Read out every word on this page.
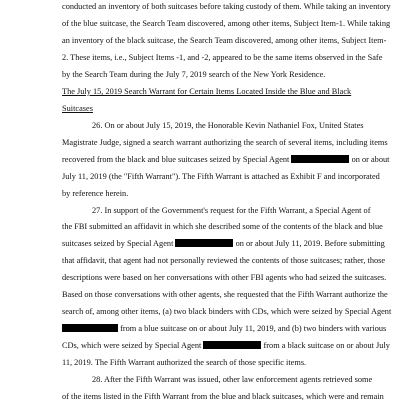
conducted an inventory of both suitcases before taking custody of them. While taking an inventory
of the blue suitcase, the Search Team discovered, among other items, Subject Item-1. While taking
an inventory of the black suitcase, the Search Team discovered, among other items, Subject Item-
2. These items, i.e., Subject Items -1, and -2, appeared to be the same items observed in the Safe
by the Search Team during the July 7, 2019 search of the New York Residence.
The July 15, 2019 Search Warrant for Certain Items Located Inside the Blue and Black
Suitcases
26. On or about July 15, 2019, the Honorable Kevin Nathaniel Fox, United States
Magistrate Judge, signed a search warrant authorizing the search of several items, including items
recovered from the black and blue suitcases seized by Special Agent	on or about
July 11, 2019 (the "Fifth Warrant"). The Fifth Warrant is attached as Exhibit F and incorporated
by reference herein.
27. In support of the Government's request for the Fifth Warrant, a Special Agent of
the FBI submitted an affidavit in which she described some of the contents of the black and blue
suitcases seized by Special Agent	on or about July 11, 2019. Before submitting
that affidavit, that agent had not personally reviewed the contents of those suitcases; rather, those
descriptions were based on her conversations with other FBI agents who had seized the suitcases.
Based on those conversations with other agents, she requested that the Fifth Warrant authorize the
search of, among other items, (a) two black binders with CDs, which were seized by Special Agent
from a blue suitcase on or about July 11, 2019, and (b) two binders with various
CDs, which were seized by Special Agent	from a black suitcase on or about July
11, 2019. The Fifth Warrant authorized the search of those specific items.
28. After the Fifth Warrant was issued, other law enforcement agents retrieved some
of the items listed in the Fifth Warrant from the blue and black suitcases, which were and remain
